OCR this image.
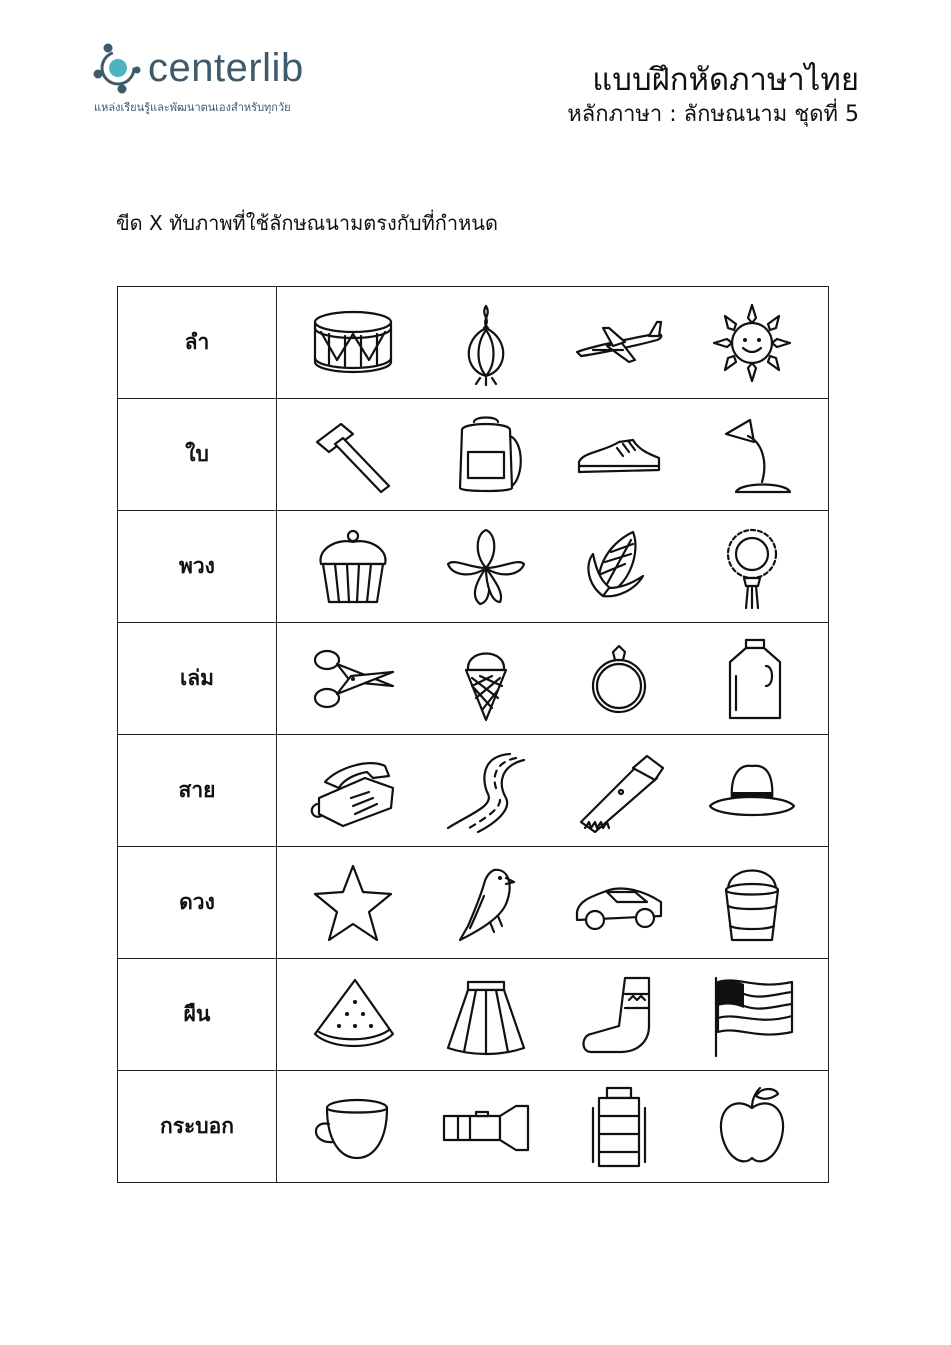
centerlib
แหล่งเรียนรู้และพัฒนาตนเองสำหรับทุกวัย
แบบฝึกหัดภาษาไทย
หลักภาษา : ลักษณนาม ชุดที่ 5
ขีด X ทับภาพที่ใช้ลักษณนามตรงกับที่กำหนด
ลำ	

ใบ	

พวง	

เล่ม	

สาย	

ดวง	

ผืน	

กระบอก	
